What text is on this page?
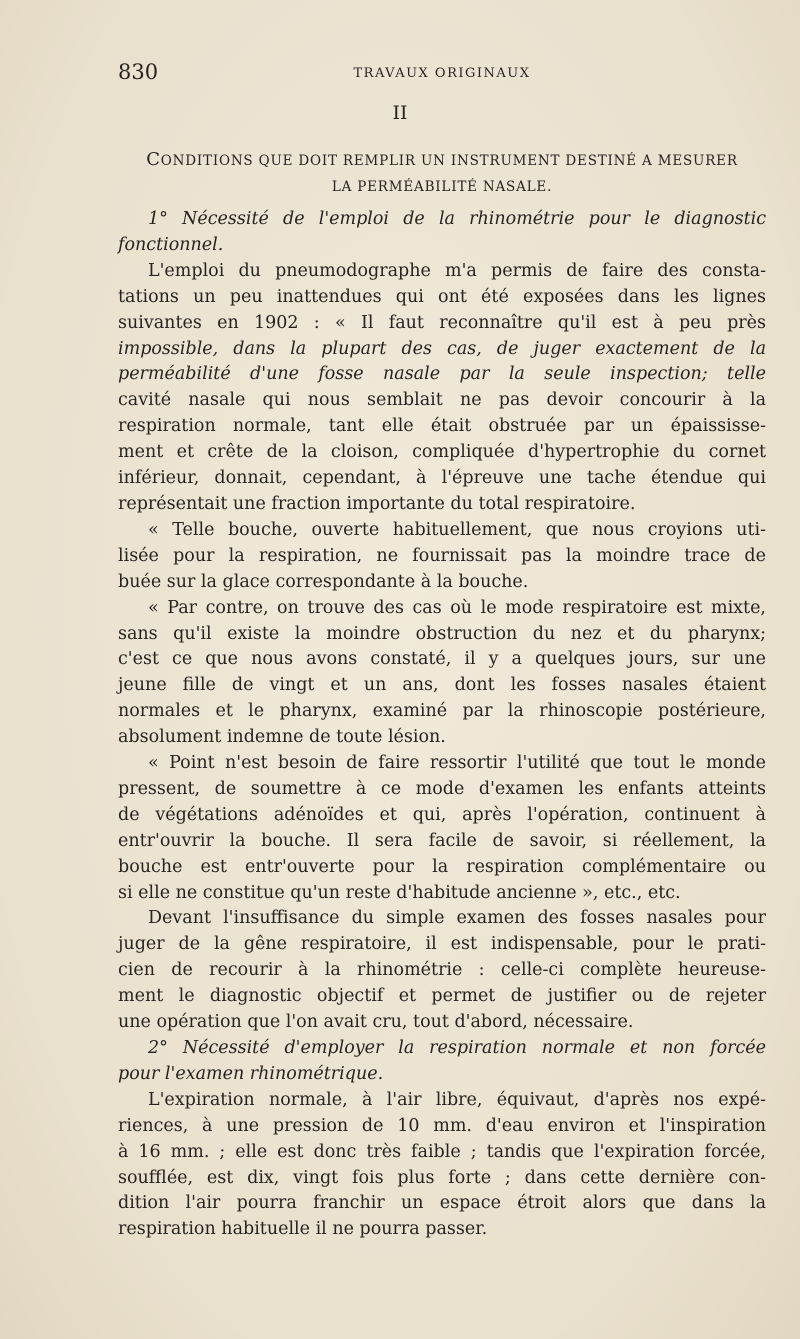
830	TRAVAUX ORIGINAUX
II
CONDITIONS QUE DOIT REMPLIR UN INSTRUMENT DESTINÉ A MESURER
LA PERMÉABILITÉ NASALE.
1° Nécessité de l'emploi de la rhinométrie pour le diagnostic
fonctionnel.
L'emploi du pneumodographe m'a permis de faire des consta-
tations un peu inattendues qui ont été exposées dans les lignes
suivantes en 1902 : « Il faut reconnaître qu'il est à peu près
impossible, dans la plupart des cas, de juger exactement de la
perméabilité d'une fosse nasale par la seule inspection; telle
cavité nasale qui nous semblait ne pas devoir concourir à la
respiration normale, tant elle était obstruée par un épaississe-
ment et crête de la cloison, compliquée d'hypertrophie du cornet
inférieur, donnait, cependant, à l'épreuve une tache étendue qui
représentait une fraction importante du total respiratoire.
« Telle bouche, ouverte habituellement, que nous croyions uti-
lisée pour la respiration, ne fournissait pas la moindre trace de
buée sur la glace correspondante à la bouche.
« Par contre, on trouve des cas où le mode respiratoire est mixte,
sans qu'il existe la moindre obstruction du nez et du pharynx;
c'est ce que nous avons constaté, il y a quelques jours, sur une
jeune fille de vingt et un ans, dont les fosses nasales étaient
normales et le pharynx, examiné par la rhinoscopie postérieure,
absolument indemne de toute lésion.
« Point n'est besoin de faire ressortir l'utilité que tout le monde
pressent, de soumettre à ce mode d'examen les enfants atteints
de végétations adénoïdes et qui, après l'opération, continuent à
entr'ouvrir la bouche. Il sera facile de savoir, si réellement, la
bouche est entr'ouverte pour la respiration complémentaire ou
si elle ne constitue qu'un reste d'habitude ancienne », etc., etc.
Devant l'insuffisance du simple examen des fosses nasales pour
juger de la gêne respiratoire, il est indispensable, pour le prati-
cien de recourir à la rhinométrie : celle-ci complète heureuse-
ment le diagnostic objectif et permet de justifier ou de rejeter
une opération que l'on avait cru, tout d'abord, nécessaire.
2° Nécessité d'employer la respiration normale et non forcée
pour l'examen rhinométrique.
L'expiration normale, à l'air libre, équivaut, d'après nos expé-
riences, à une pression de 10 mm. d'eau environ et l'inspiration
à 16 mm. ; elle est donc très faible ; tandis que l'expiration forcée,
soufflée, est dix, vingt fois plus forte ; dans cette dernière con-
dition l'air pourra franchir un espace étroit alors que dans la
respiration habituelle il ne pourra passer.
